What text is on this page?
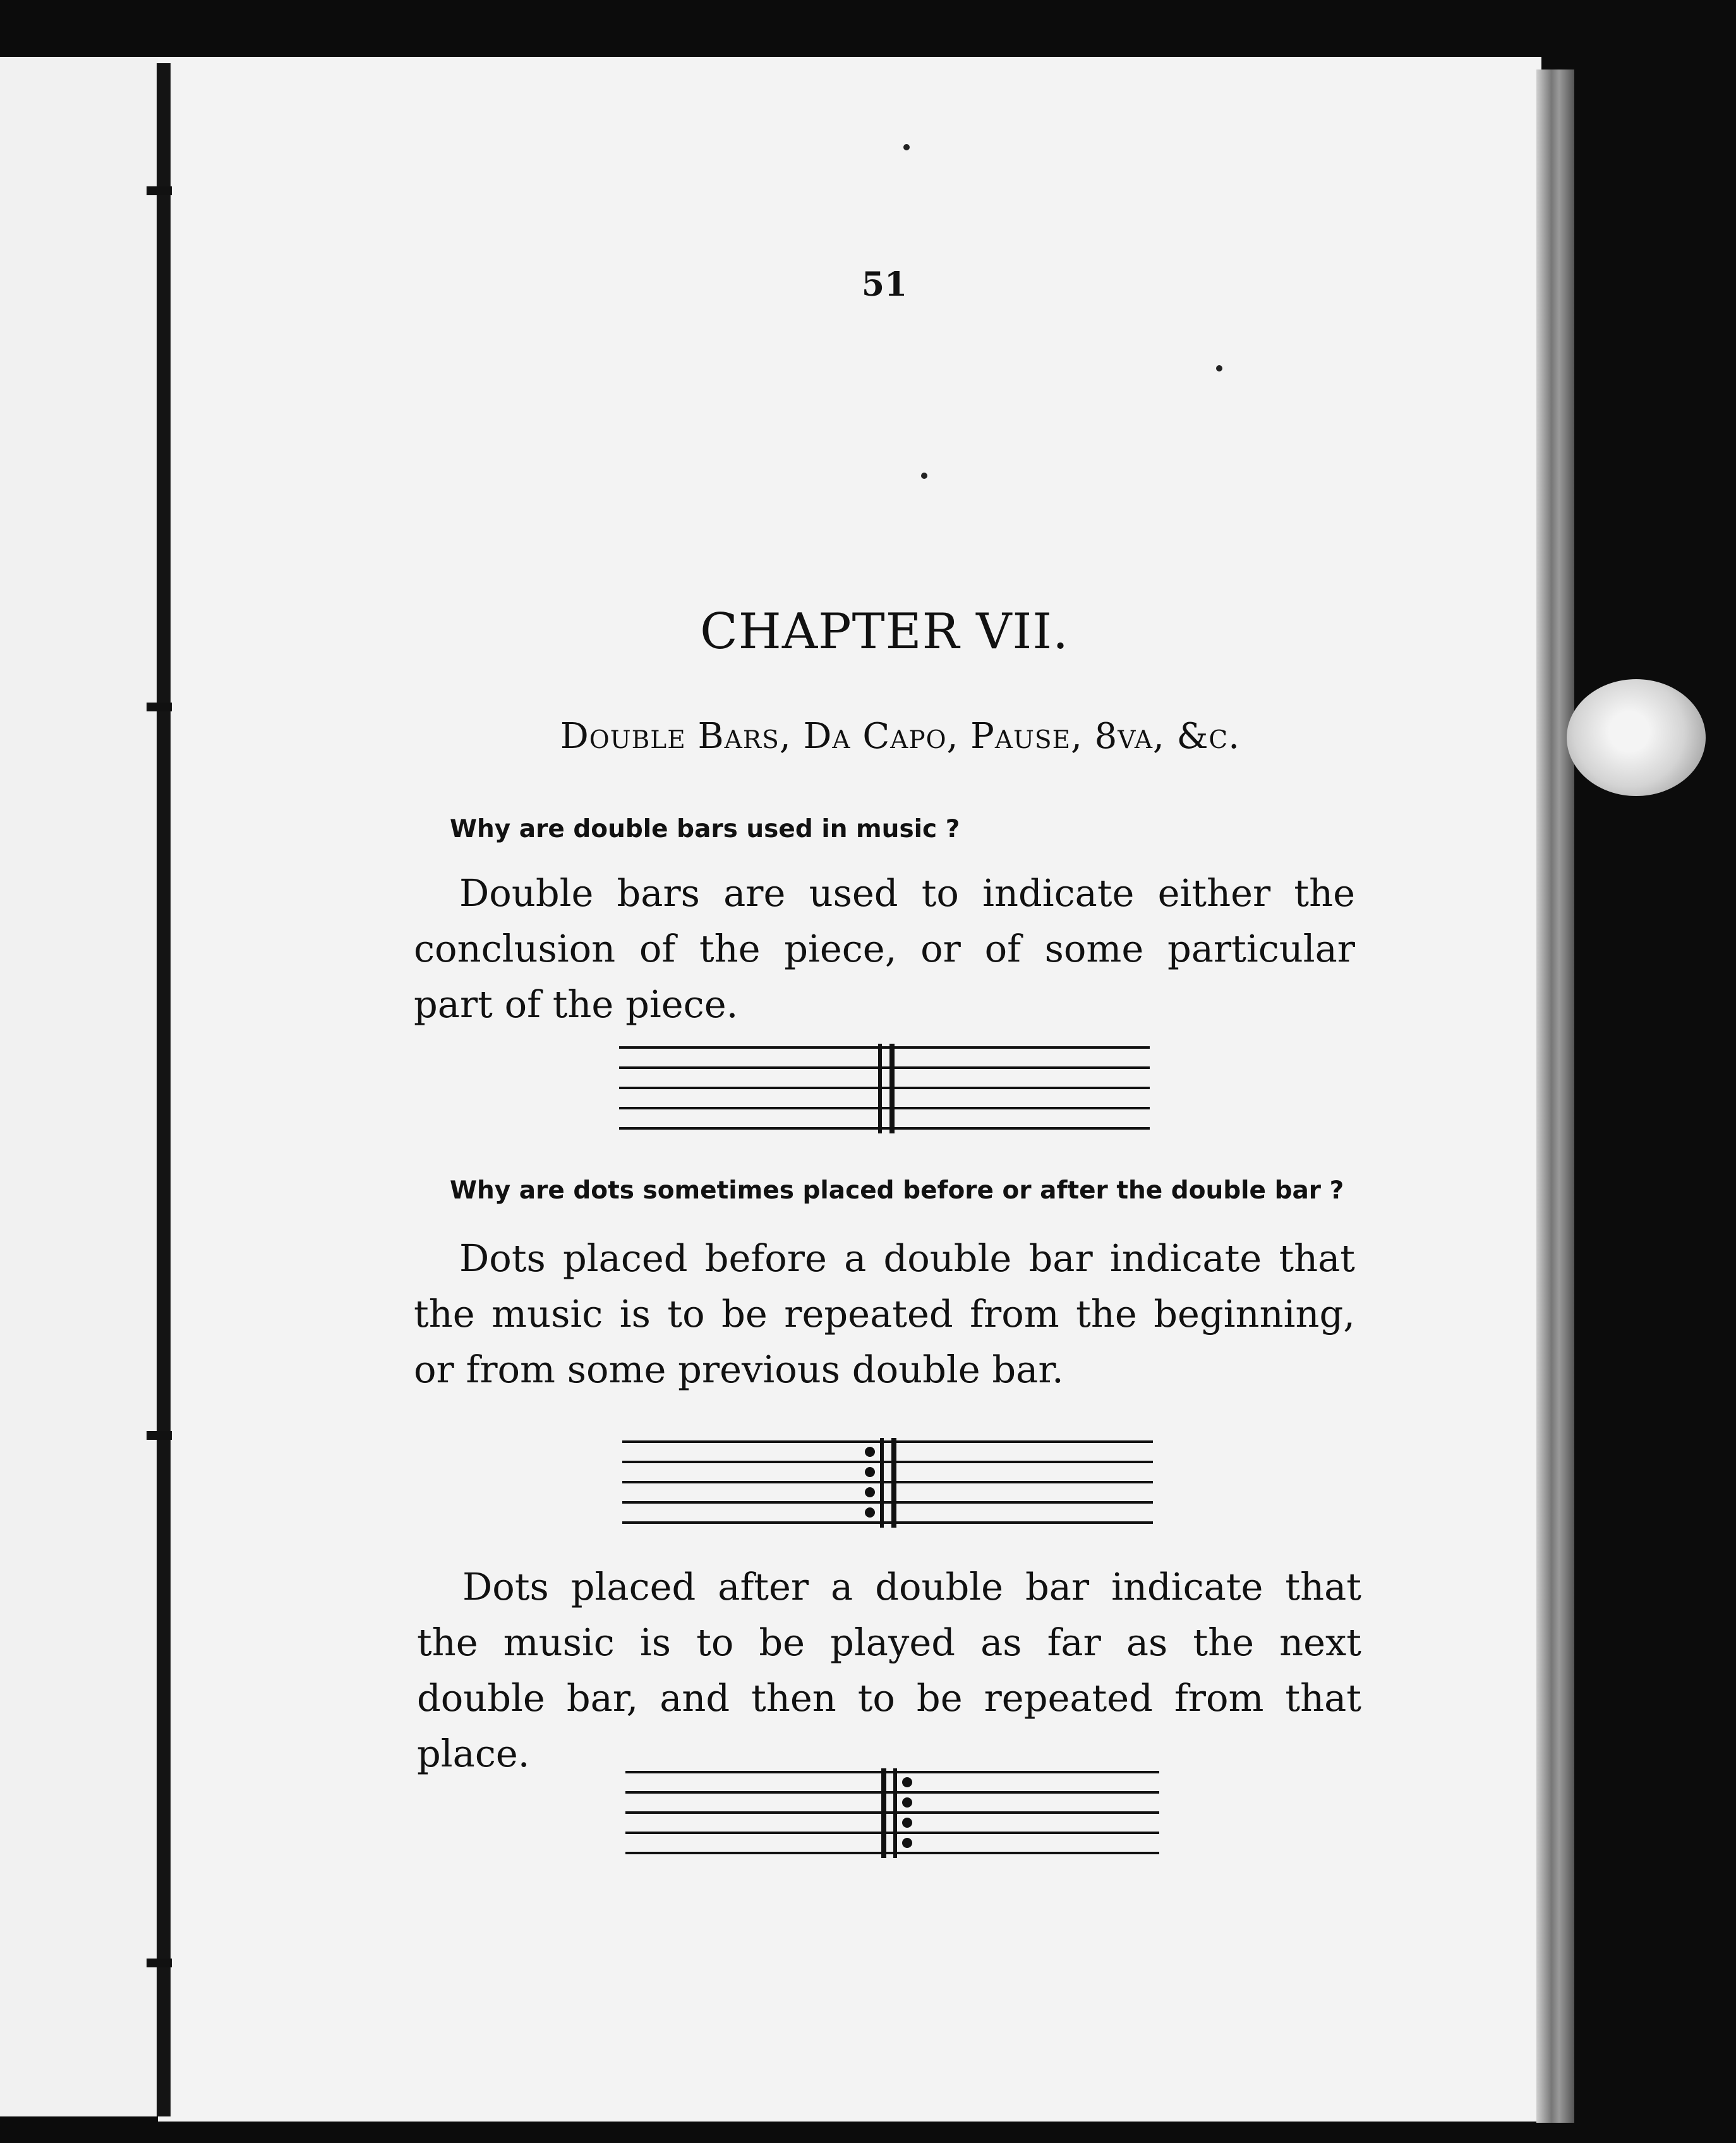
51
CHAPTER VII.
Double Bars, Da Capo, Pause, 8va, &c.
Why are double bars used in music ?
Double bars are used to indicate either the conclusion of the piece, or of some particular part of the piece.
Why are dots sometimes placed before or after the double bar ?
Dots placed before a double bar indicate that the music is to be repeated from the beginning, or from some previous double bar.
Dots placed after a double bar indicate that the music is to be played as far as the next double bar, and then to be repeated from that place.
